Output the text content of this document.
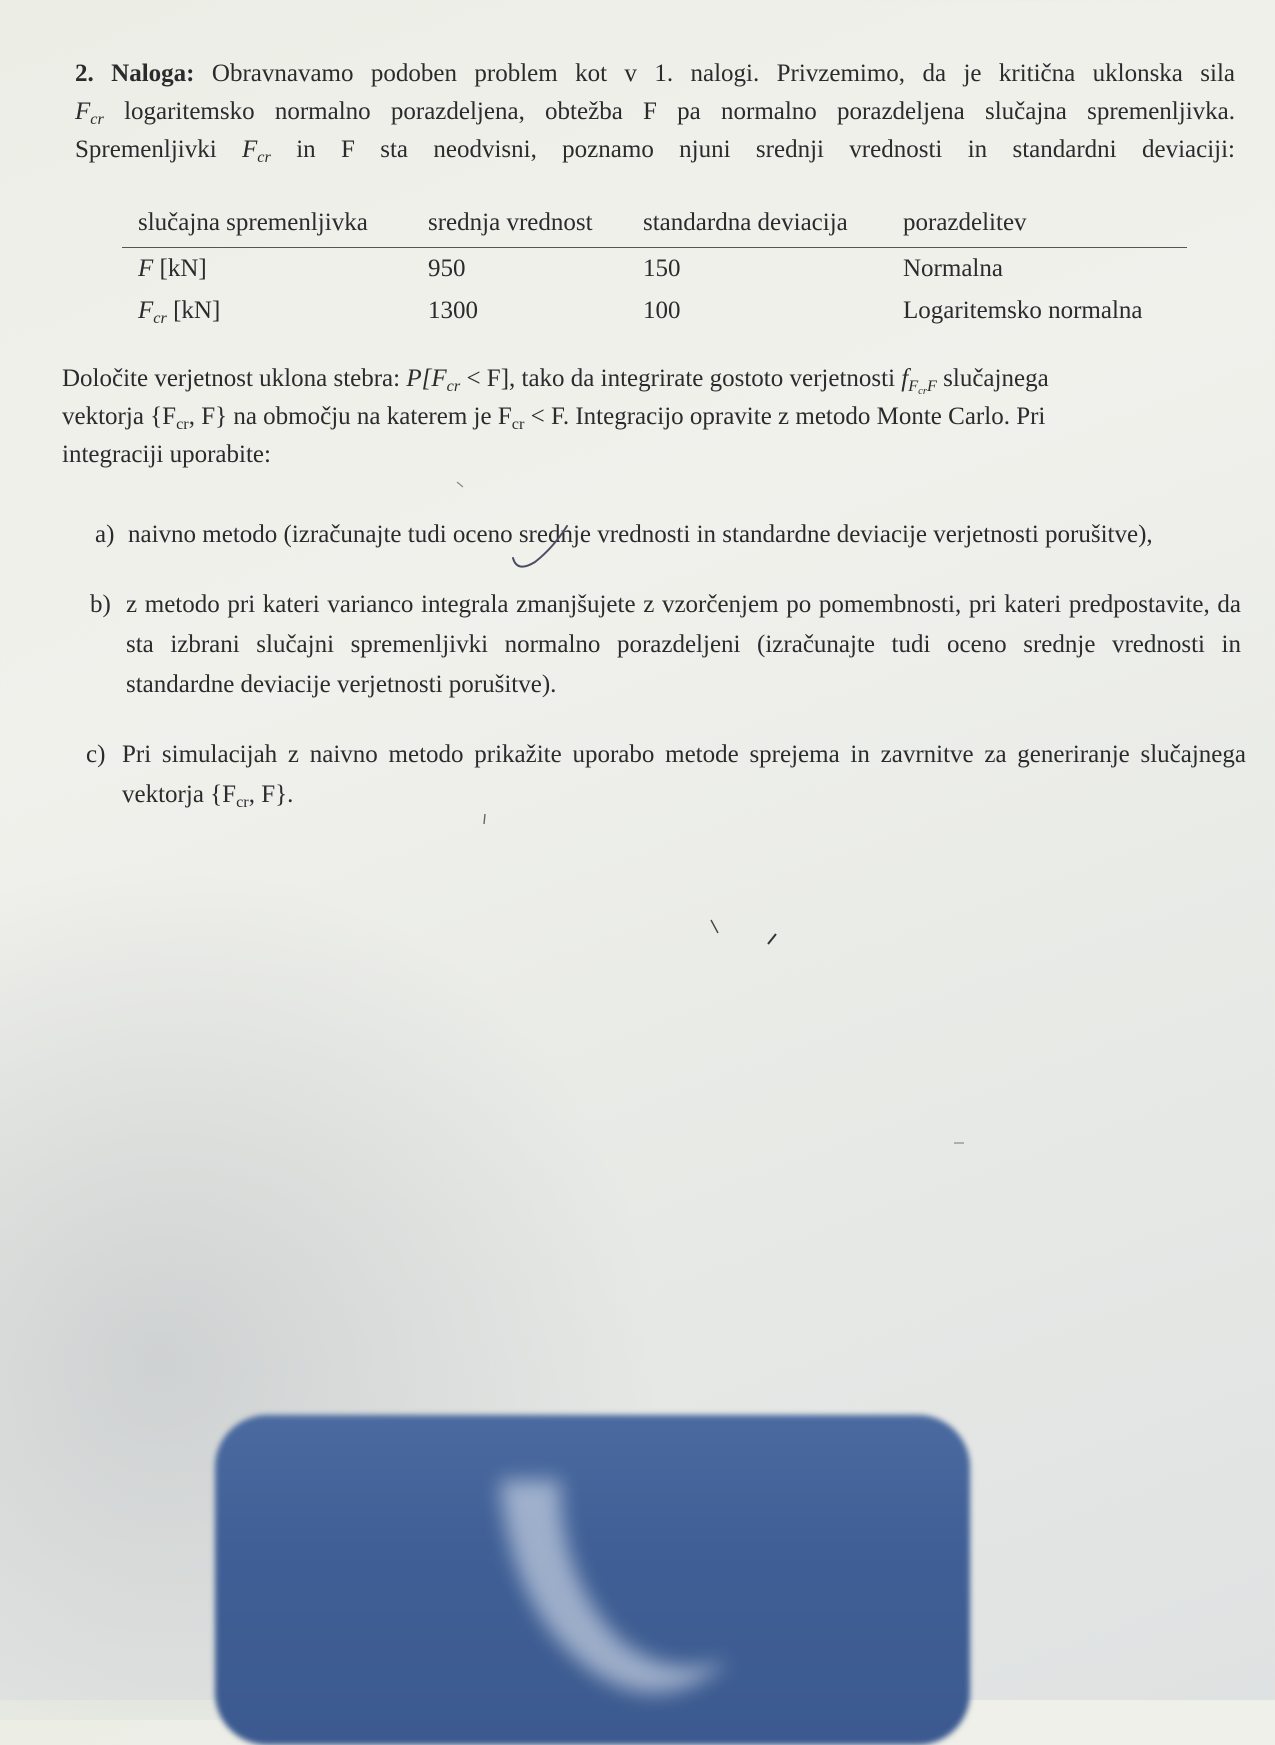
2. Naloga: Obravnavamo podoben problem kot v 1. nalogi. Privzemimo, da je kritična uklonska sila
$F_{cr}$ logaritemsko normalno porazdeljena, obtežba F pa normalno porazdeljena slučajna spremenljivka.
Spremenljivki $F_{cr}$ in F sta neodvisni, poznamo njuni srednji vrednosti in standardni deviaciji:

slučajna spremenljivka	srednja vrednost	standardna deviacija	porazdelitev
F [kN]	950	150	Normalna
$F_{cr}$ [kN]	1300	100	Logaritemsko normalna

Določite verjetnost uklona stebra: $P[F_{cr} < F]$, tako da integrirate gostoto verjetnosti $f_{F_{cr}F}$ slučajnega
vektorja {$F_{cr}$, F} na območju na katerem je $F_{cr} < F$. Integracijo opravite z metodo Monte Carlo. Pri
integraciji uporabite:

a) naivno metodo (izračunajte tudi oceno srednje vrednosti in standardne deviacije verjetnosti porušitve),
b) z metodo pri kateri varianco integrala zmanjšujete z vzorčenjem po pomembnosti, pri kateri predpostavite, da sta izbrani slučajni spremenljivki normalno porazdeljeni (izračunajte tudi oceno srednje vrednosti in standardne deviacije verjetnosti porušitve).
c) Pri simulacijah z naivno metodo prikažite uporabo metode sprejema in zavrnitve za generiranje slučajnega vektorja {$F_{cr}$, F}.
